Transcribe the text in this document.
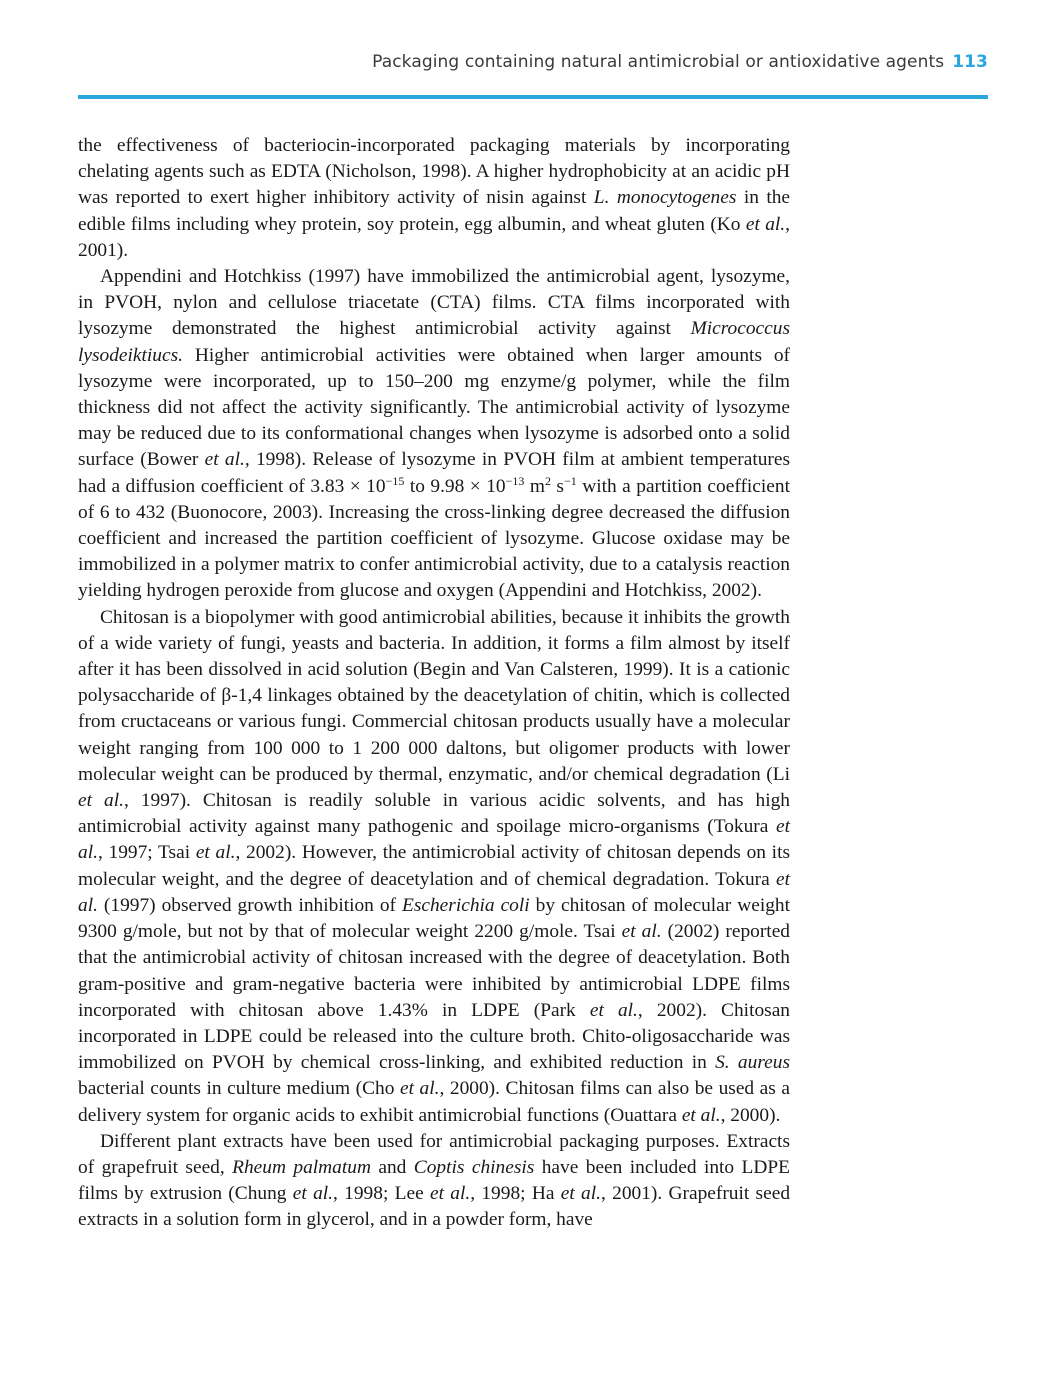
Packaging containing natural antimicrobial or antioxidative agents 113

the effectiveness of bacteriocin-incorporated packaging materials by incorporating chelating agents such as EDTA (Nicholson, 1998). A higher hydrophobicity at an acidic pH was reported to exert higher inhibitory activity of nisin against L. monocytogenes in the edible films including whey protein, soy protein, egg albumin, and wheat gluten (Ko et al., 2001).

Appendini and Hotchkiss (1997) have immobilized the antimicrobial agent, lysozyme, in PVOH, nylon and cellulose triacetate (CTA) films. CTA films incorporated with lysozyme demonstrated the highest antimicrobial activity against Micrococcus lysodeiktiucs. Higher antimicrobial activities were obtained when larger amounts of lysozyme were incorporated, up to 150–200 mg enzyme/g polymer, while the film thickness did not affect the activity significantly. The antimicrobial activity of lysozyme may be reduced due to its conformational changes when lysozyme is adsorbed onto a solid surface (Bower et al., 1998). Release of lysozyme in PVOH film at ambient temperatures had a diffusion coefficient of $3.83 \times 10^{-15}$ to $9.98 \times 10^{-13}$ $m^2$ $s^{-1}$ with a partition coefficient of 6 to 432 (Buonocore, 2003). Increasing the cross-linking degree decreased the diffusion coefficient and increased the partition coefficient of lysozyme. Glucose oxidase may be immobilized in a polymer matrix to confer antimicrobial activity, due to a catalysis reaction yielding hydrogen peroxide from glucose and oxygen (Appendini and Hotchkiss, 2002).

Chitosan is a biopolymer with good antimicrobial abilities, because it inhibits the growth of a wide variety of fungi, yeasts and bacteria. In addition, it forms a film almost by itself after it has been dissolved in acid solution (Begin and Van Calsteren, 1999). It is a cationic polysaccharide of β-1,4 linkages obtained by the deacetylation of chitin, which is collected from cructaceans or various fungi. Commercial chitosan products usually have a molecular weight ranging from 100 000 to 1 200 000 daltons, but oligomer products with lower molecular weight can be produced by thermal, enzymatic, and/or chemical degradation (Li et al., 1997). Chitosan is readily soluble in various acidic solvents, and has high antimicrobial activity against many pathogenic and spoilage micro-organisms (Tokura et al., 1997; Tsai et al., 2002). However, the antimicrobial activity of chitosan depends on its molecular weight, and the degree of deacetylation and of chemical degradation. Tokura et al. (1997) observed growth inhibition of Escherichia coli by chitosan of molecular weight 9300 g/mole, but not by that of molecular weight 2200 g/mole. Tsai et al. (2002) reported that the antimicrobial activity of chitosan increased with the degree of deacetylation. Both gram-positive and gram-negative bacteria were inhibited by antimicrobial LDPE films incorporated with chitosan above 1.43% in LDPE (Park et al., 2002). Chitosan incorporated in LDPE could be released into the culture broth. Chito-oligosaccharide was immobilized on PVOH by chemical cross-linking, and exhibited reduction in S. aureus bacterial counts in culture medium (Cho et al., 2000). Chitosan films can also be used as a delivery system for organic acids to exhibit antimicrobial functions (Ouattara et al., 2000).

Different plant extracts have been used for antimicrobial packaging purposes. Extracts of grapefruit seed, Rheum palmatum and Coptis chinesis have been included into LDPE films by extrusion (Chung et al., 1998; Lee et al., 1998; Ha et al., 2001). Grapefruit seed extracts in a solution form in glycerol, and in a powder form, have
